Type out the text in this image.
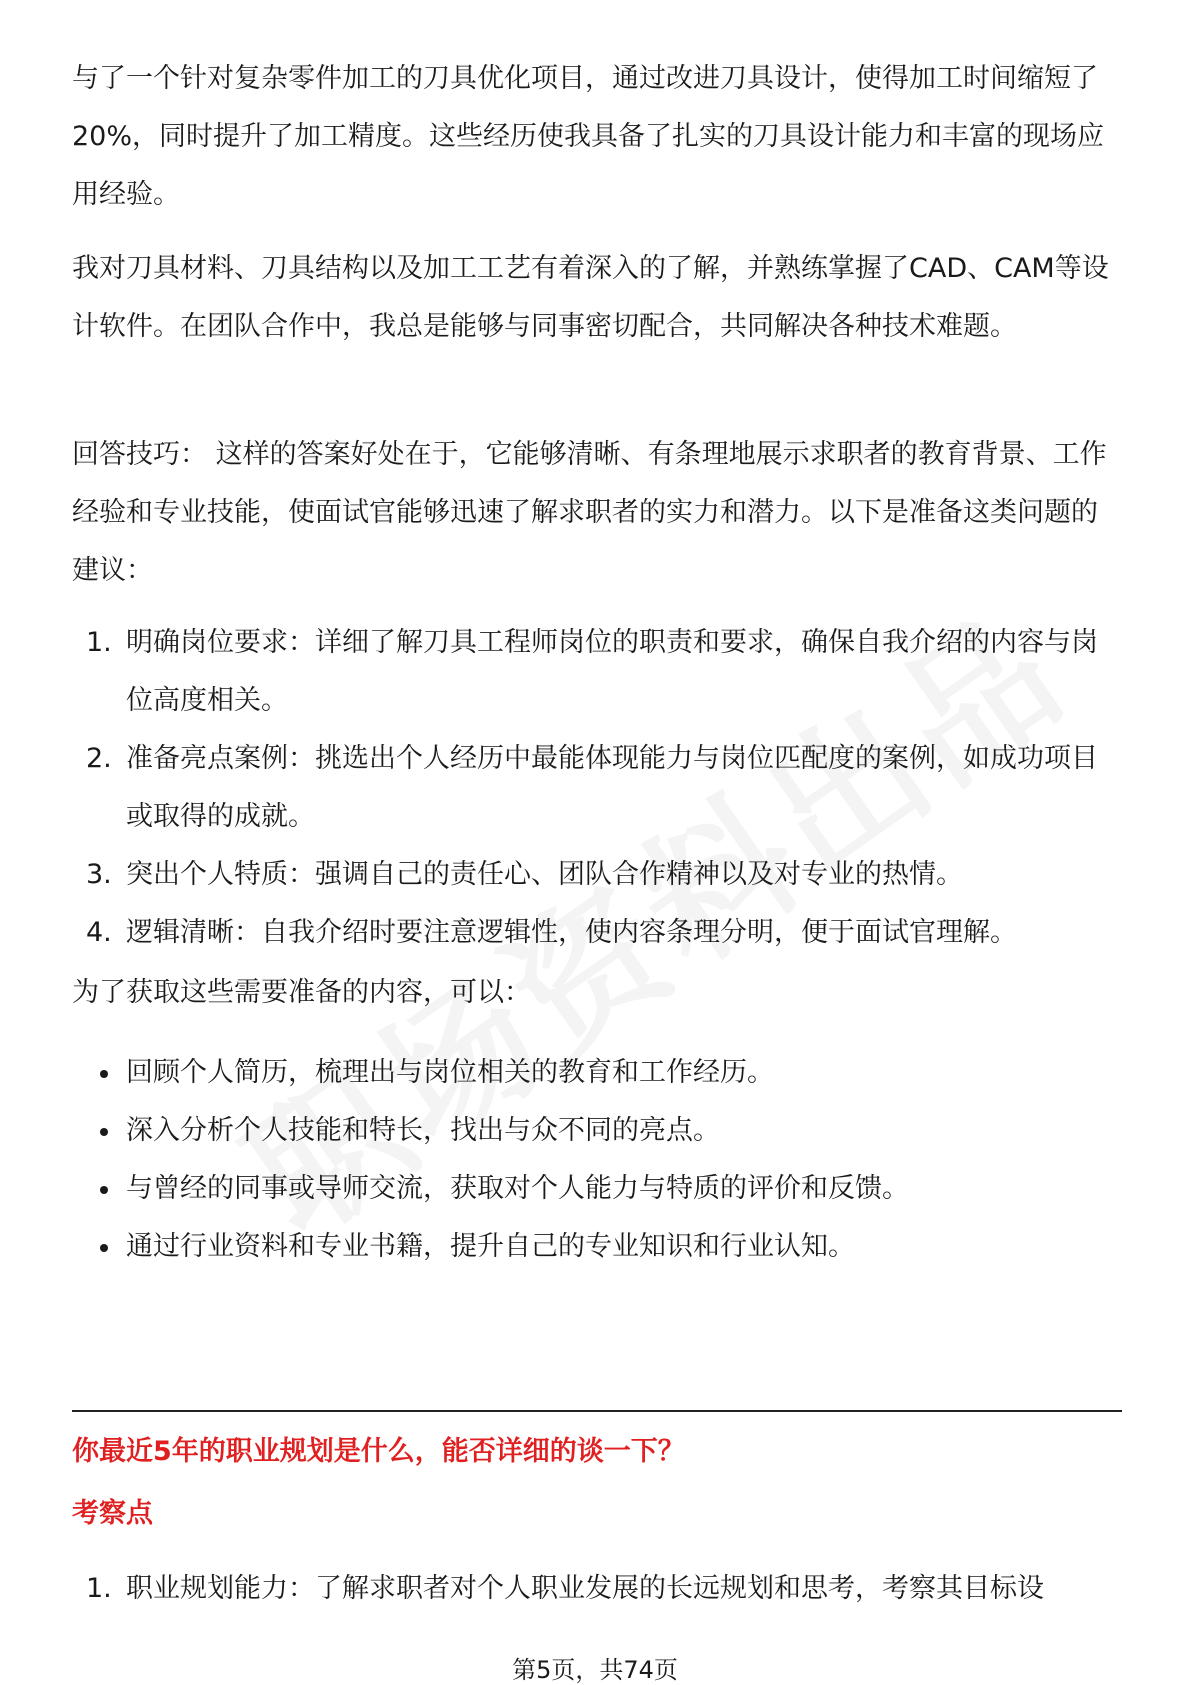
与了一个针对复杂零件加工的刀具优化项目，通过改进刀具设计，使得加工时间缩短了20%，同时提升了加工精度。这些经历使我具备了扎实的刀具设计能力和丰富的现场应用经验。

我对刀具材料、刀具结构以及加工工艺有着深入的了解，并熟练掌握了CAD、CAM等设计软件。在团队合作中，我总是能够与同事密切配合，共同解决各种技术难题。

回答技巧： 这样的答案好处在于，它能够清晰、有条理地展示求职者的教育背景、工作经验和专业技能，使面试官能够迅速了解求职者的实力和潜力。以下是准备这类问题的建议：

1. 明确岗位要求：详细了解刀具工程师岗位的职责和要求，确保自我介绍的内容与岗位高度相关。
2. 准备亮点案例：挑选出个人经历中最能体现能力与岗位匹配度的案例，如成功项目或取得的成就。
3. 突出个人特质：强调自己的责任心、团队合作精神以及对专业的热情。
4. 逻辑清晰：自我介绍时要注意逻辑性，使内容条理分明，便于面试官理解。

为了获取这些需要准备的内容，可以：

回顾个人简历，梳理出与岗位相关的教育和工作经历。
深入分析个人技能和特长，找出与众不同的亮点。
与曾经的同事或导师交流，获取对个人能力与特质的评价和反馈。
通过行业资料和专业书籍，提升自己的专业知识和行业认知。
你最近5年的职业规划是什么，能否详细的谈一下？
考察点
1. 职业规划能力：了解求职者对个人职业发展的长远规划和思考，考察其目标设
第5页，共74页
